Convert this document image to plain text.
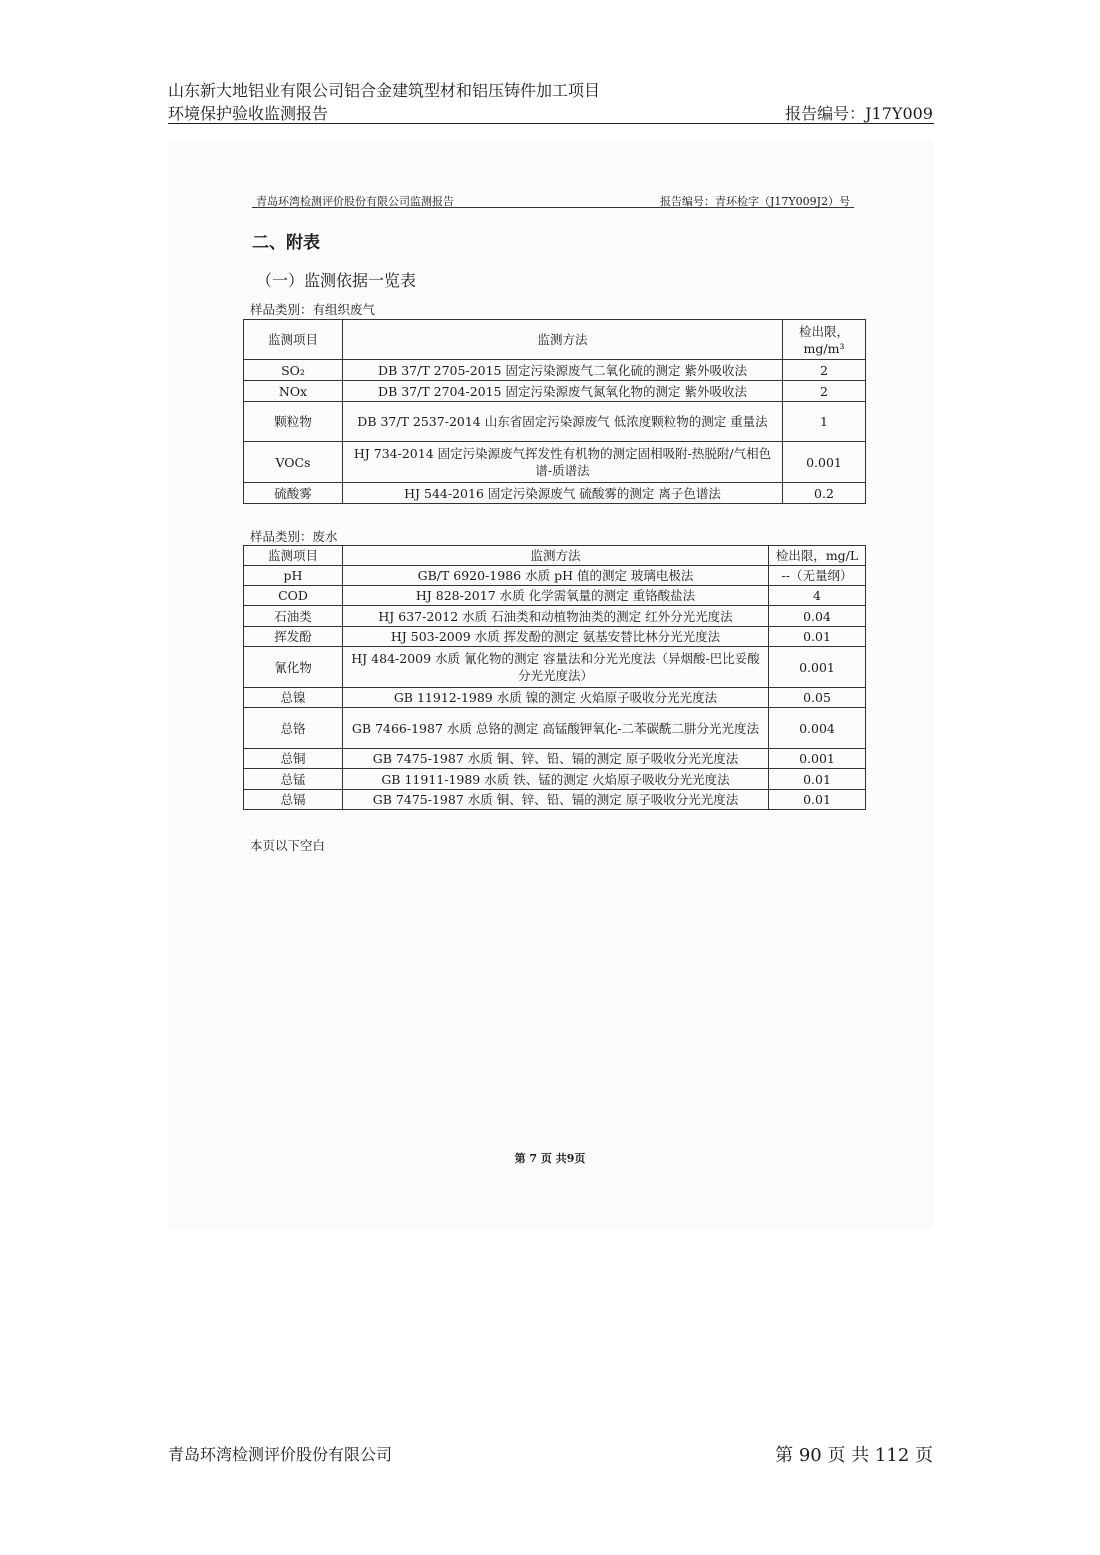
山东新大地铝业有限公司铝合金建筑型材和铝压铸件加工项目
环境保护验收监测报告	报告编号：J17Y009
青岛环湾检测评价股份有限公司监测报告	报告编号：青环检字（J17Y009J2）号
二、附表
（一）监测依据一览表
样品类别：有组织废气
监测项目	监测方法	检出限，mg/m³
SO₂	DB 37/T 2705-2015 固定污染源废气二氧化硫的测定 紫外吸收法	2
NOx	DB 37/T 2704-2015 固定污染源废气氮氧化物的测定 紫外吸收法	2
颗粒物	DB 37/T 2537-2014 山东省固定污染源废气 低浓度颗粒物的测定 重量法	1
VOCs	HJ 734-2014 固定污染源废气挥发性有机物的测定固相吸附-热脱附/气相色谱-质谱法	0.001
硫酸雾	HJ 544-2016 固定污染源废气 硫酸雾的测定 离子色谱法	0.2
样品类别：废水
监测项目	监测方法	检出限，mg/L
pH	GB/T 6920-1986 水质 pH 值的测定 玻璃电极法	--（无量纲）
COD	HJ 828-2017 水质 化学需氧量的测定 重铬酸盐法	4
石油类	HJ 637-2012 水质 石油类和动植物油类的测定 红外分光光度法	0.04
挥发酚	HJ 503-2009 水质 挥发酚的测定 氨基安替比林分光光度法	0.01
氰化物	HJ 484-2009 水质 氰化物的测定 容量法和分光光度法（异烟酸-巴比妥酸分光光度法）	0.001
总镍	GB 11912-1989 水质 镍的测定 火焰原子吸收分光光度法	0.05
总铬	GB 7466-1987 水质 总铬的测定 高锰酸钾氧化-二苯碳酰二肼分光光度法	0.004
总铜	GB 7475-1987 水质 铜、锌、铅、镉的测定 原子吸收分光光度法	0.001
总锰	GB 11911-1989 水质 铁、锰的测定 火焰原子吸收分光光度法	0.01
总镉	GB 7475-1987 水质 铜、锌、铅、镉的测定 原子吸收分光光度法	0.01
本页以下空白
第 7 页 共9页
青岛环湾检测评价股份有限公司	第 90 页 共 112 页
